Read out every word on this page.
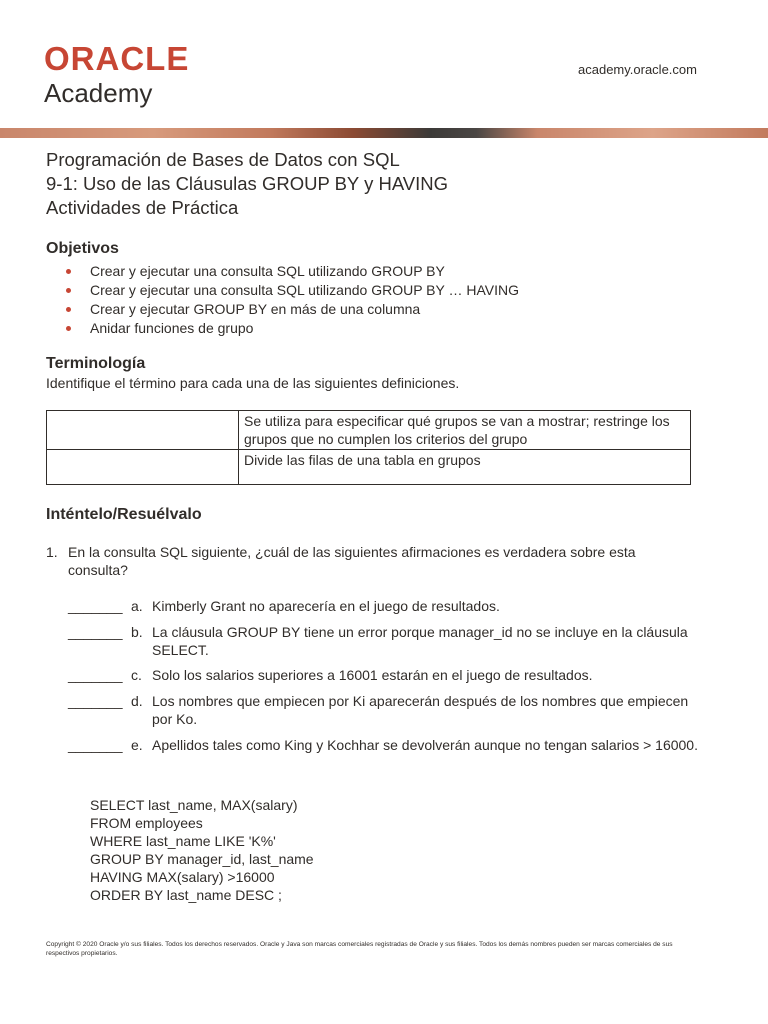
ORACLE
Academy
academy.oracle.com
Programación de Bases de Datos con SQL
9-1: Uso de las Cláusulas GROUP BY y HAVING
Actividades de Práctica
Objetivos
Crear y ejecutar una consulta SQL utilizando GROUP BY
Crear y ejecutar una consulta SQL utilizando GROUP BY … HAVING
Crear y ejecutar GROUP BY en más de una columna
Anidar funciones de grupo
Terminología
Identifique el término para cada una de las siguientes definiciones.
	Se utiliza para especificar qué grupos se van a mostrar; restringe los grupos que no cumplen los criterios del grupo
	Divide las filas de una tabla en grupos
Inténtelo/Resuélvalo
1. En la consulta SQL siguiente, ¿cuál de las siguientes afirmaciones es verdadera sobre esta consulta?
_______ a. Kimberly Grant no aparecería en el juego de resultados.
_______ b. La cláusula GROUP BY tiene un error porque manager_id no se incluye en la cláusula SELECT.
_______ c. Solo los salarios superiores a 16001 estarán en el juego de resultados.
_______ d. Los nombres que empiecen por Ki aparecerán después de los nombres que empiecen por Ko.
_______ e. Apellidos tales como King y Kochhar se devolverán aunque no tengan salarios > 16000.
SELECT last_name, MAX(salary)
FROM employees
WHERE last_name LIKE 'K%'
GROUP BY manager_id, last_name
HAVING MAX(salary) >16000
ORDER BY last_name DESC ;
Copyright © 2020 Oracle y/o sus filiales. Todos los derechos reservados. Oracle y Java son marcas comerciales registradas de Oracle y sus filiales. Todos los demás nombres pueden ser marcas comerciales de sus respectivos propietarios.
